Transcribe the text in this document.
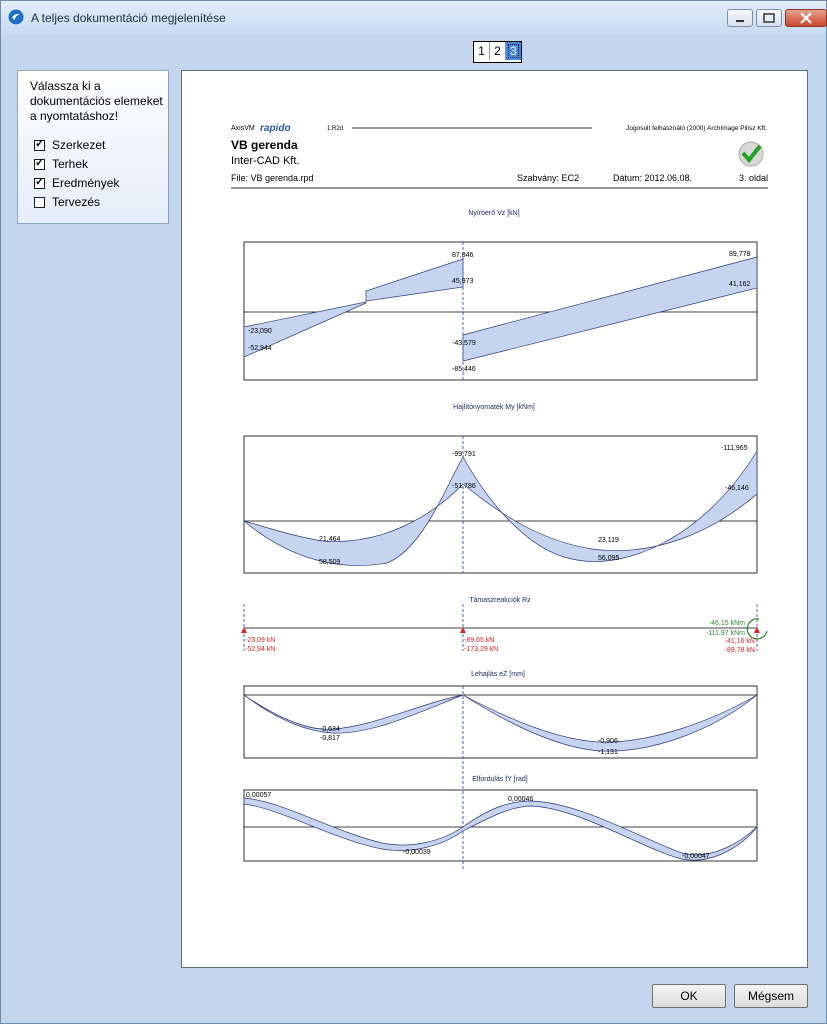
A teljes dokumentáció megjelenítése
1 2 3
Válassza ki a dokumentációs elemeket a nyomtatáshoz!
✓
Szerkezet
✓
Terhek
✓
Eredmények
Tervezés
AxisVM rapido	1.R2d	Jogosult felhasználó (2000) ArchImage Pilisz Kft.
VB gerenda
Inter-CAD Kft.
File: VB gerenda.rpd	Szabvány: EC2	Dátum: 2012.06.08.	3. oldal
Nyíróerő Vz [kN]
87,846
45,973
-23,090
-52,944
-43,579
-85,446
89,778
41,162
Hajlítónyomaték My [kNm]
-99,791
-51,786
-111,965
-46,146
21,464
58,509
23,119
56,095
Támaszreakciók Rz
-23,09 kN
-52,94 kN
-89,65 kN
-173,29 kN
-46,15 kNm
-111,97 kNm
-41,16 kN
-89,78 kN
Lehajlás eZ [mm]
-0,634
-0,817	-0,906
-1,131
Elfordulás fY [rad]
0,00057
-0,00039
0,00046
-0,00047
OK	Mégsem
